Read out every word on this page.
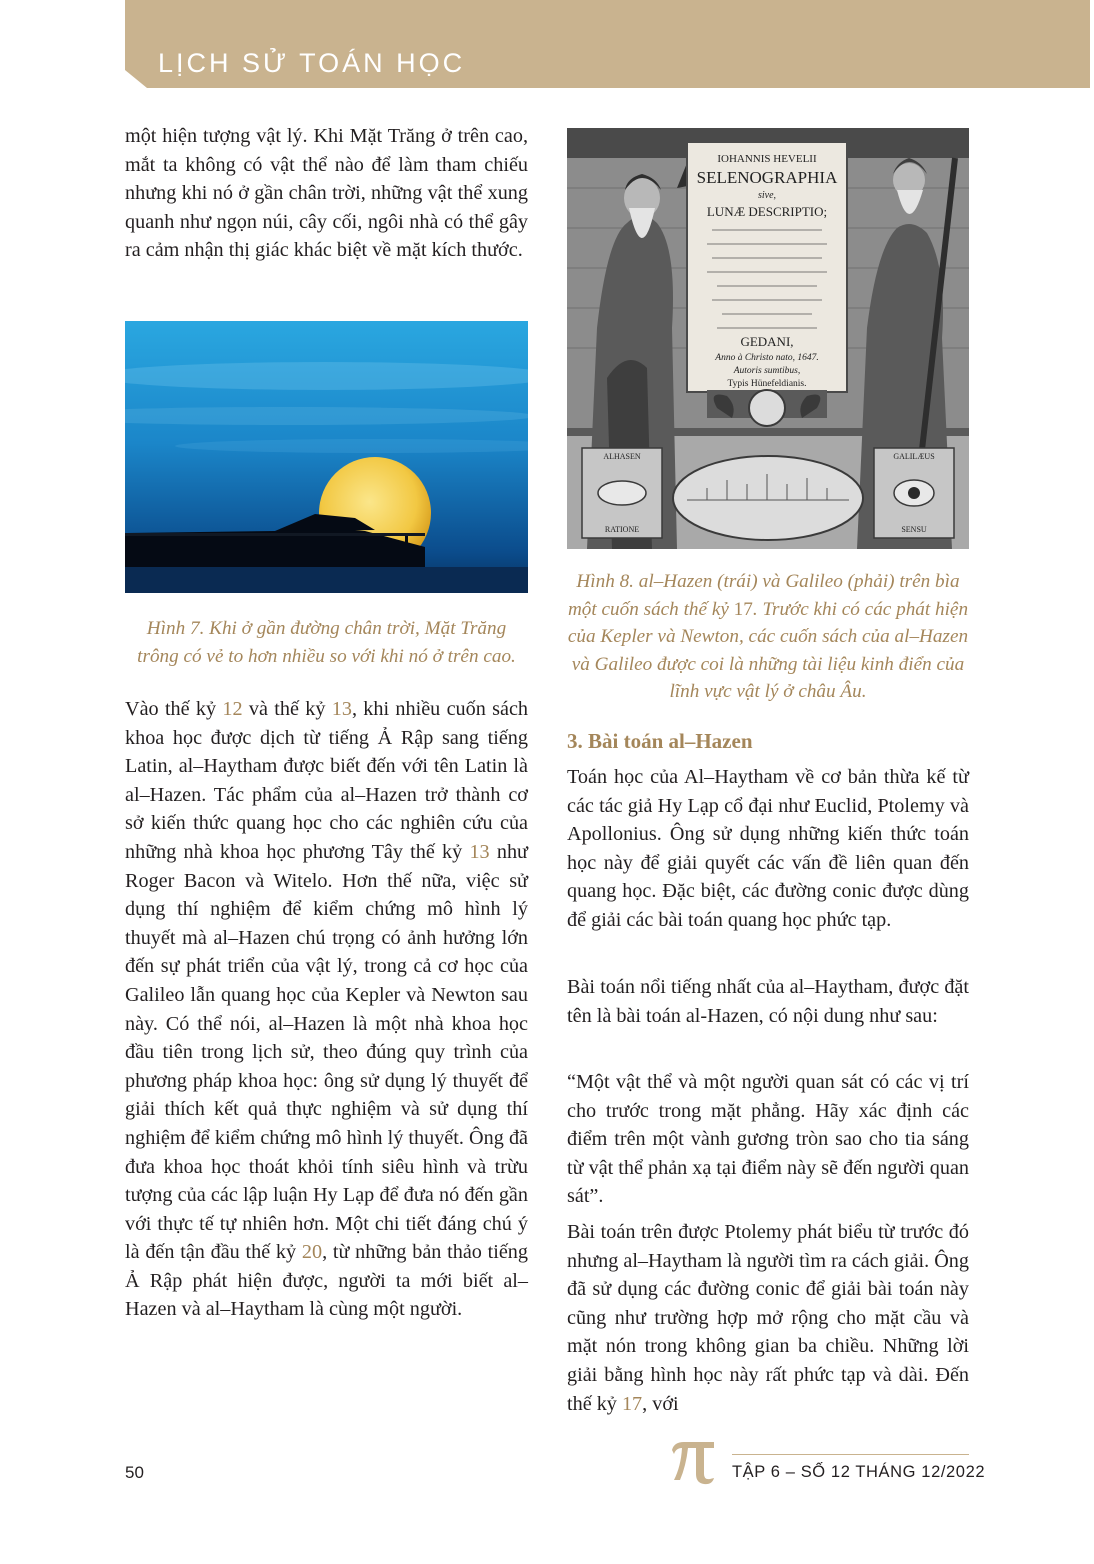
LỊCH SỬ TOÁN HỌC

một hiện tượng vật lý. Khi Mặt Trăng ở trên cao, mắt ta không có vật thể nào để làm tham chiếu nhưng khi nó ở gần chân trời, những vật thể xung quanh như ngọn núi, cây cối, ngôi nhà có thể gây ra cảm nhận thị giác khác biệt về mặt kích thước.

Hình 7. Khi ở gần đường chân trời, Mặt Trăng trông có vẻ to hơn nhiều so với khi nó ở trên cao.

Vào thế kỷ 12 và thế kỷ 13, khi nhiều cuốn sách khoa học được dịch từ tiếng Ả Rập sang tiếng Latin, al–Haytham được biết đến với tên Latin là al–Hazen. Tác phẩm của al–Hazen trở thành cơ sở kiến thức quang học cho các nghiên cứu của những nhà khoa học phương Tây thế kỷ 13 như Roger Bacon và Witelo. Hơn thế nữa, việc sử dụng thí nghiệm để kiểm chứng mô hình lý thuyết mà al–Hazen chú trọng có ảnh hưởng lớn đến sự phát triển của vật lý, trong cả cơ học của Galileo lẫn quang học của Kepler và Newton sau này. Có thể nói, al–Hazen là một nhà khoa học đầu tiên trong lịch sử, theo đúng quy trình của phương pháp khoa học: ông sử dụng lý thuyết để giải thích kết quả thực nghiệm và sử dụng thí nghiệm để kiểm chứng mô hình lý thuyết. Ông đã đưa khoa học thoát khỏi tính siêu hình và trừu tượng của các lập luận Hy Lạp để đưa nó đến gần với thực tế tự nhiên hơn. Một chi tiết đáng chú ý là đến tận đầu thế kỷ 20, từ những bản thảo tiếng Ả Rập phát hiện được, người ta mới biết al–Hazen và al–Haytham là cùng một người.

IOHANNIS HEVELII
SELENOGRAPHIA
sive,
LUNÆ DESCRIPTIO;
GEDANI,
Anno à Christo nato, 1647.
Autoris sumtibus,
Typis Hünefeldianis.
ALHASEN	GALILÆUS
RATIONE	SENSU
Hình 8. al–Hazen (trái) và Galileo (phải) trên bìa một cuốn sách thế kỷ 17. Trước khi có các phát hiện của Kepler và Newton, các cuốn sách của al–Hazen và Galileo được coi là những tài liệu kinh điển của lĩnh vực vật lý ở châu Âu.
3. Bài toán al–Hazen

Toán học của Al–Haytham về cơ bản thừa kế từ các tác giả Hy Lạp cổ đại như Euclid, Ptolemy và Apollonius. Ông sử dụng những kiến thức toán học này để giải quyết các vấn đề liên quan đến quang học. Đặc biệt, các đường conic được dùng để giải các bài toán quang học phức tạp.

Bài toán nổi tiếng nhất của al–Haytham, được đặt tên là bài toán al-Hazen, có nội dung như sau:

“Một vật thể và một người quan sát có các vị trí cho trước trong mặt phẳng. Hãy xác định các điểm trên một vành gương tròn sao cho tia sáng từ vật thể phản xạ tại điểm này sẽ đến người quan sát”.

Bài toán trên được Ptolemy phát biểu từ trước đó nhưng al–Haytham là người tìm ra cách giải. Ông đã sử dụng các đường conic để giải bài toán này cũng như trường hợp mở rộng cho mặt cầu và mặt nón trong không gian ba chiều. Những lời giải bằng hình học này rất phức tạp và dài. Đến thế kỷ 17, với

50	TẬP 6 – SỐ 12 THÁNG 12/2022
